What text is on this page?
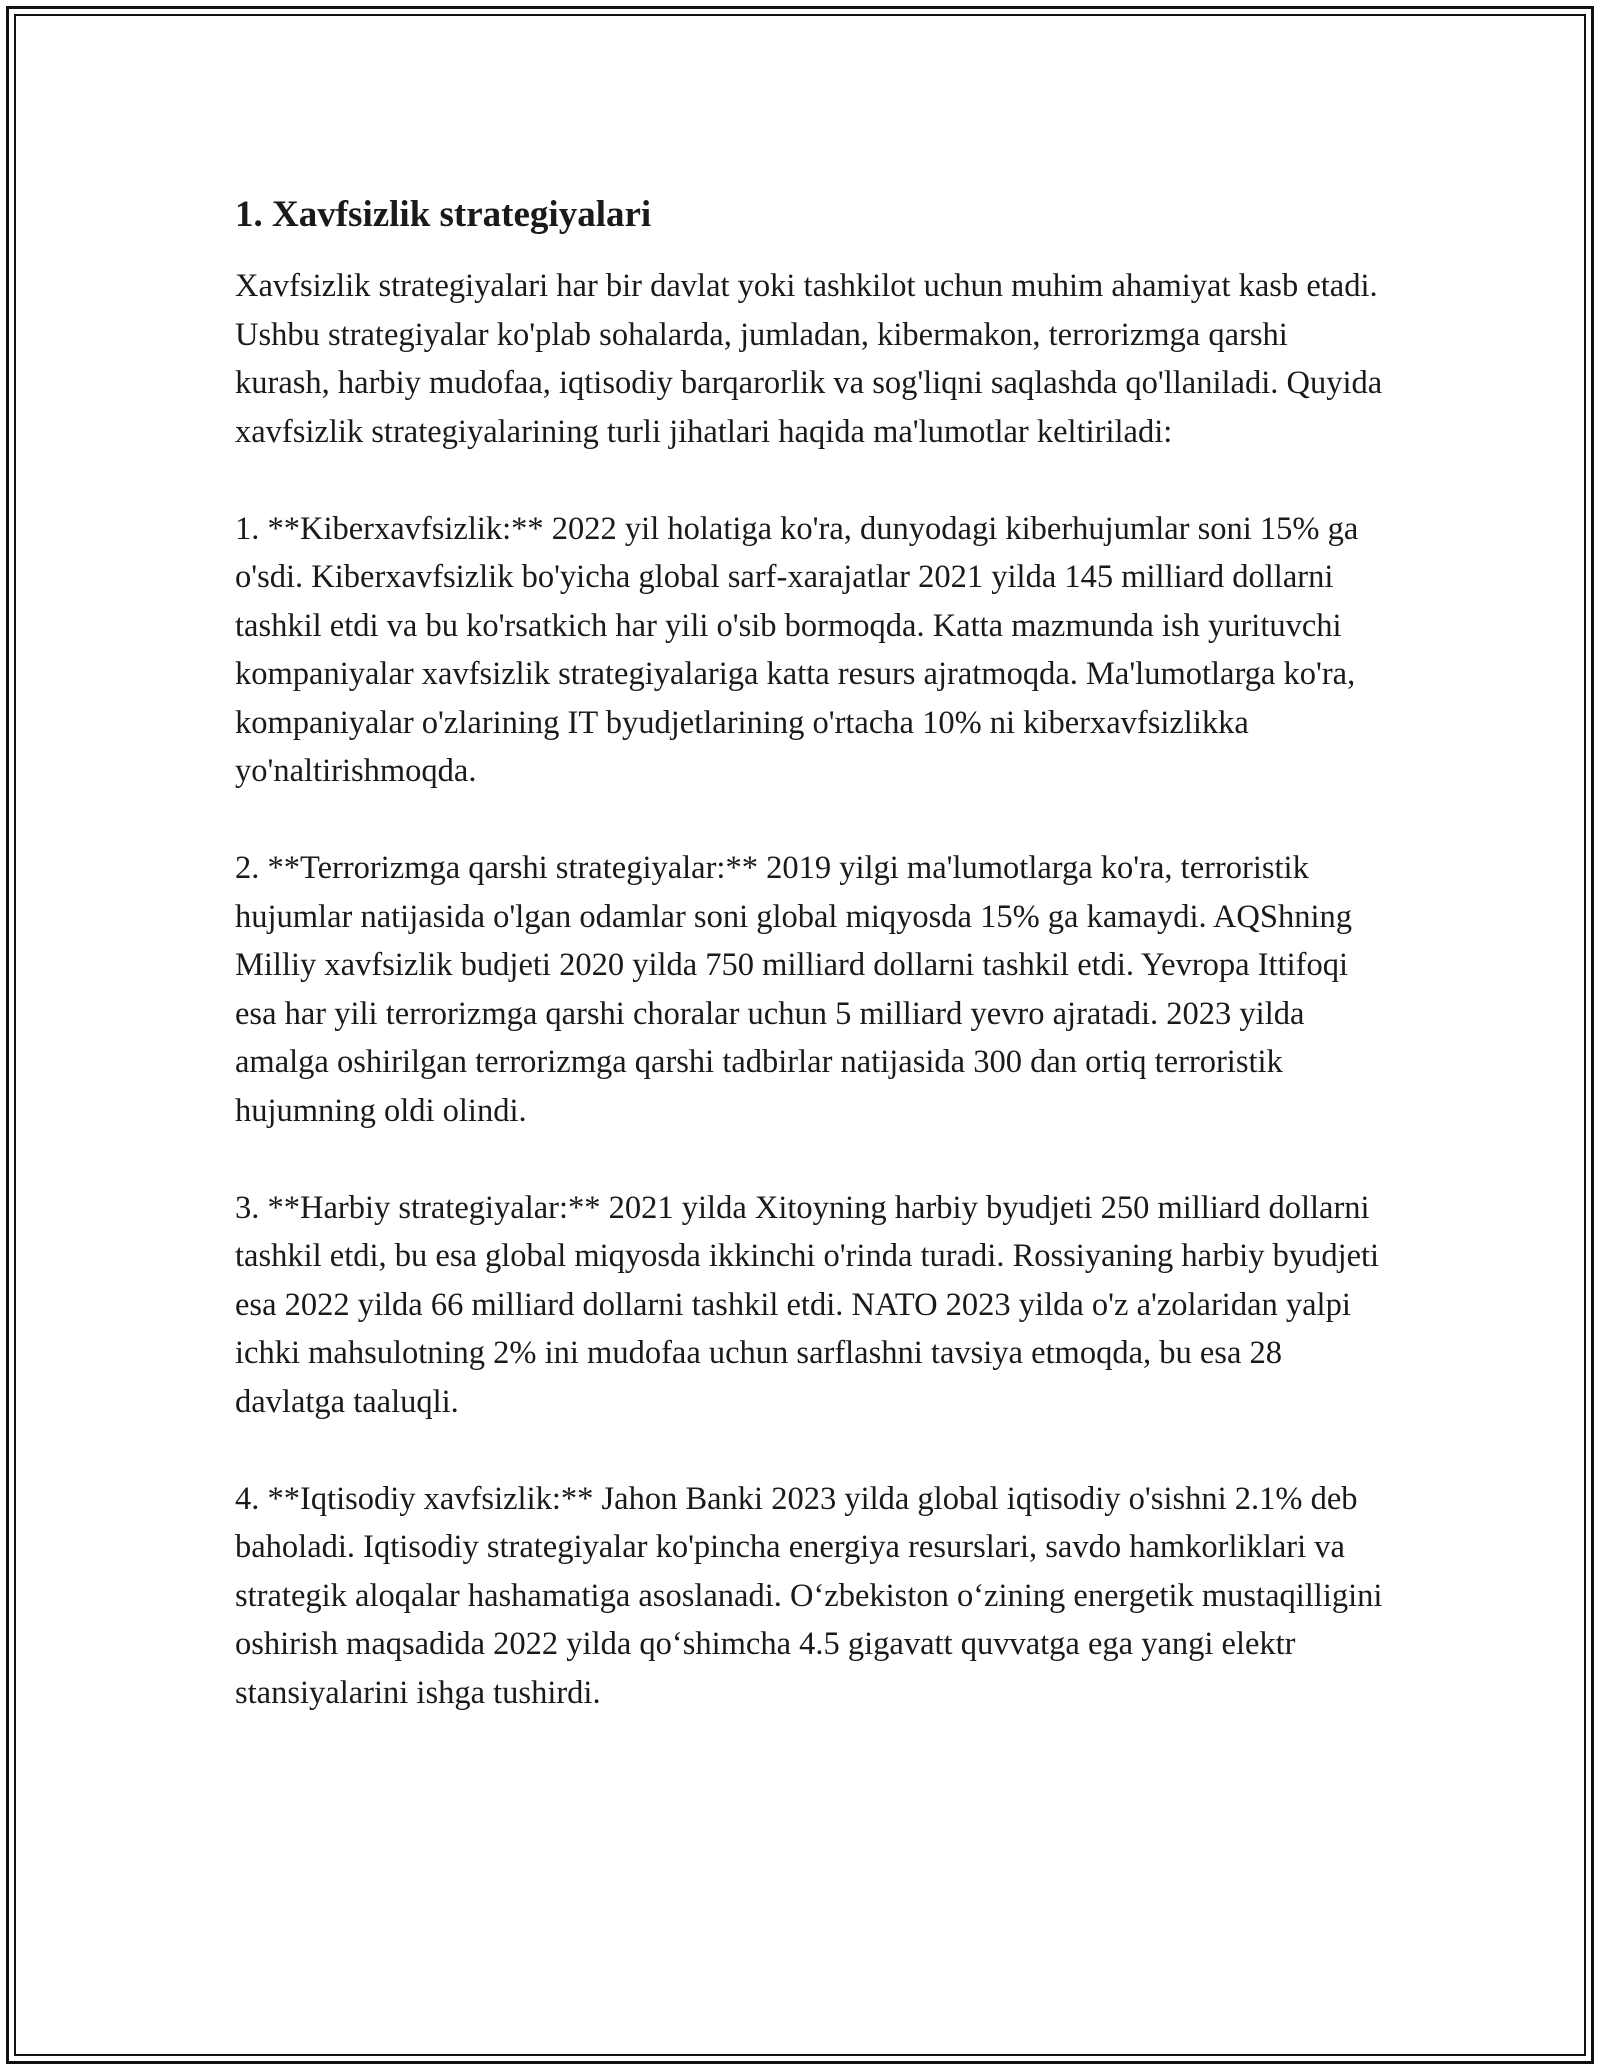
1. Xavfsizlik strategiyalari

Xavfsizlik strategiyalari har bir davlat yoki tashkilot uchun muhim ahamiyat kasb etadi. Ushbu strategiyalar ko'plab sohalarda, jumladan, kibermakon, terrorizmga qarshi kurash, harbiy mudofaa, iqtisodiy barqarorlik va sog'liqni saqlashda qo'llaniladi. Quyida xavfsizlik strategiyalarining turli jihatlari haqida ma'lumotlar keltiriladi:

1. **Kiberxavfsizlik:** 2022 yil holatiga ko'ra, dunyodagi kiberhujumlar soni 15% ga o'sdi. Kiberxavfsizlik bo'yicha global sarf-xarajatlar 2021 yilda 145 milliard dollarni tashkil etdi va bu ko'rsatkich har yili o'sib bormoqda. Katta mazmunda ish yurituvchi kompaniyalar xavfsizlik strategiyalariga katta resurs ajratmoqda. Ma'lumotlarga ko'ra, kompaniyalar o'zlarining IT byudjetlarining o'rtacha 10% ni kiberxavfsizlikka yo'naltirishmoqda.

2. **Terrorizmga qarshi strategiyalar:** 2019 yilgi ma'lumotlarga ko'ra, terroristik hujumlar natijasida o'lgan odamlar soni global miqyosda 15% ga kamaydi. AQShning Milliy xavfsizlik budjeti 2020 yilda 750 milliard dollarni tashkil etdi. Yevropa Ittifoqi esa har yili terrorizmga qarshi choralar uchun 5 milliard yevro ajratadi. 2023 yilda amalga oshirilgan terrorizmga qarshi tadbirlar natijasida 300 dan ortiq terroristik hujumning oldi olindi.

3. **Harbiy strategiyalar:** 2021 yilda Xitoyning harbiy byudjeti 250 milliard dollarni tashkil etdi, bu esa global miqyosda ikkinchi o'rinda turadi. Rossiyaning harbiy byudjeti esa 2022 yilda 66 milliard dollarni tashkil etdi. NATO 2023 yilda o'z a'zolaridan yalpi ichki mahsulotning 2% ini mudofaa uchun sarflashni tavsiya etmoqda, bu esa 28 davlatga taaluqli.

4. **Iqtisodiy xavfsizlik:** Jahon Banki 2023 yilda global iqtisodiy o'sishni 2.1% deb baholadi. Iqtisodiy strategiyalar ko'pincha energiya resurslari, savdo hamkorliklari va strategik aloqalar hashamatiga asoslanadi. O‘zbekiston o‘zining energetik mustaqilligini oshirish maqsadida 2022 yilda qo‘shimcha 4.5 gigavatt quvvatga ega yangi elektr stansiyalarini ishga tushirdi.
